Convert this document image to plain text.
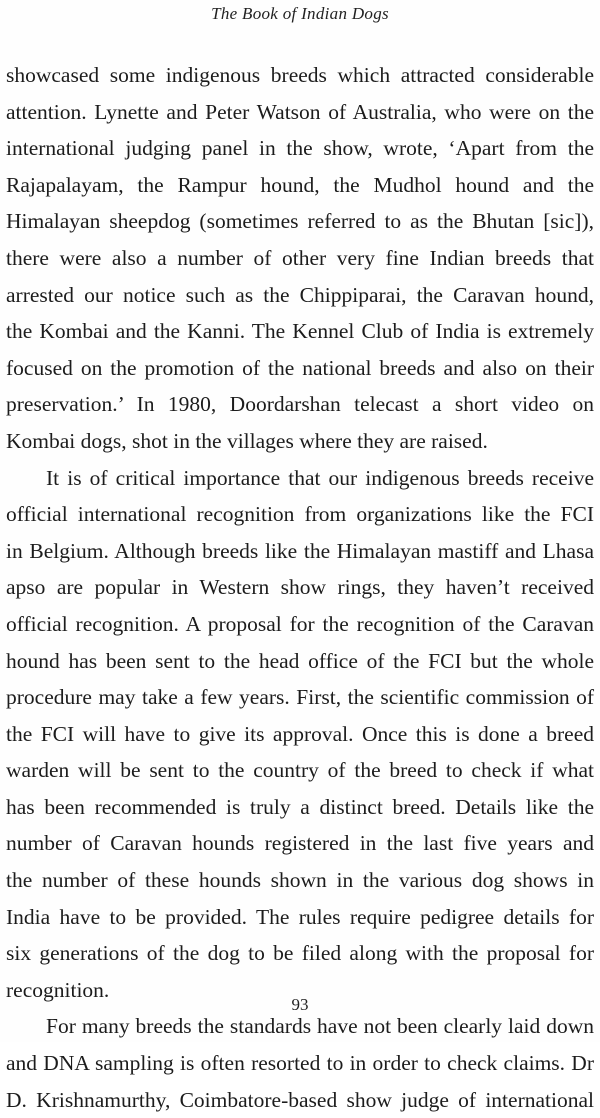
The Book of Indian Dogs
showcased some indigenous breeds which attracted considerable
attention. Lynette and Peter Watson of Australia, who were on the
international judging panel in the show, wrote, ‘Apart from the
Rajapalayam, the Rampur hound, the Mudhol hound and the
Himalayan sheepdog (sometimes referred to as the Bhutan [sic]),
there were also a number of other very fine Indian breeds that
arrested our notice such as the Chippiparai, the Caravan hound,
the Kombai and the Kanni. The Kennel Club of India is extremely
focused on the promotion of the national breeds and also on their
preservation.’ In 1980, Doordarshan telecast a short video on
Kombai dogs, shot in the villages where they are raised.
It is of critical importance that our indigenous breeds receive
official international recognition from organizations like the FCI
in Belgium. Although breeds like the Himalayan mastiff and Lhasa
apso are popular in Western show rings, they haven’t received
official recognition. A proposal for the recognition of the Caravan
hound has been sent to the head office of the FCI but the whole
procedure may take a few years. First, the scientific commission of
the FCI will have to give its approval. Once this is done a breed
warden will be sent to the country of the breed to check if what
has been recommended is truly a distinct breed. Details like the
number of Caravan hounds registered in the last five years and
the number of these hounds shown in the various dog shows in
India have to be provided. The rules require pedigree details for
six generations of the dog to be filed along with the proposal for
recognition.
For many breeds the standards have not been clearly laid down
and DNA sampling is often resorted to in order to check claims. Dr
D. Krishnamurthy, Coimbatore-based show judge of international
93
